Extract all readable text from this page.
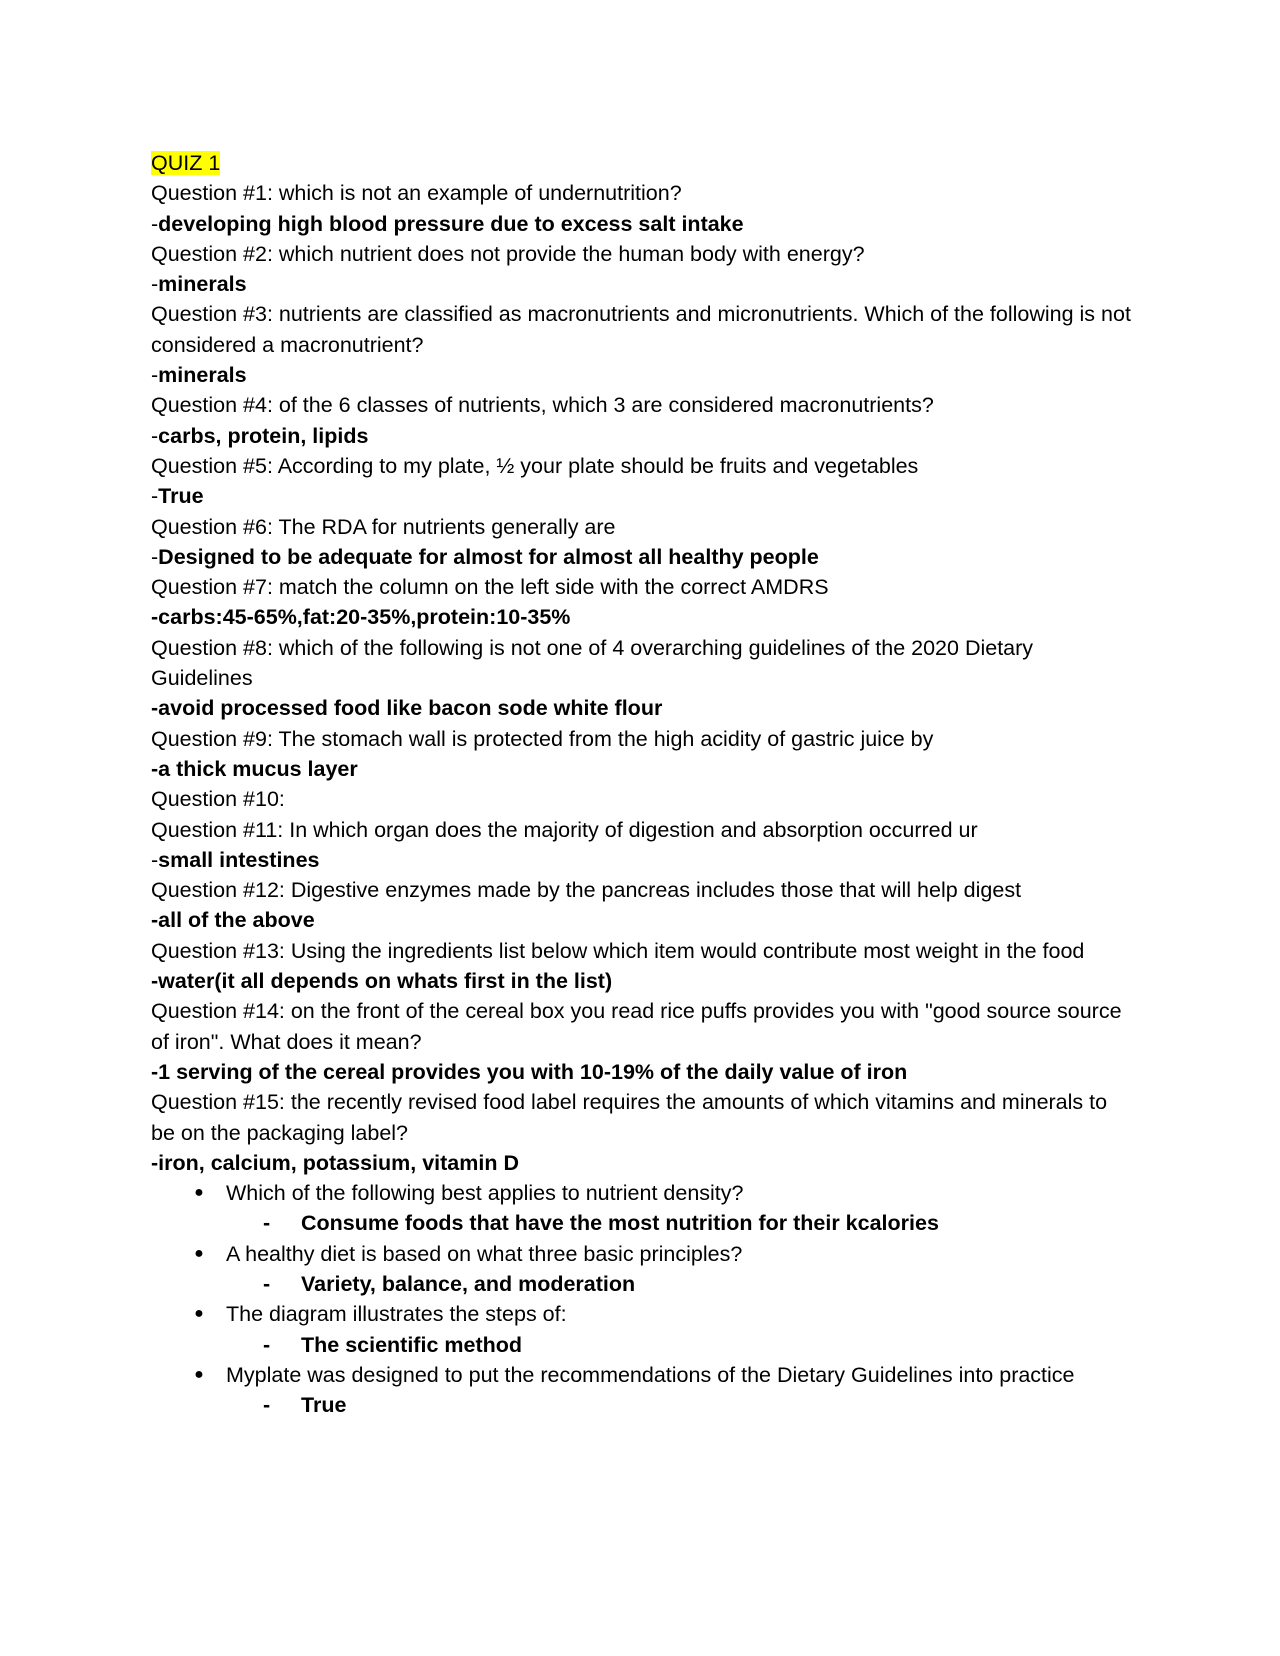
QUIZ 1

Question #1: which is not an example of undernutrition?

-developing high blood pressure due to excess salt intake

Question #2: which nutrient does not provide the human body with energy?

-minerals

Question #3: nutrients are classified as macronutrients and micronutrients. Which of the following is not considered a macronutrient?

-minerals

Question #4: of the 6 classes of nutrients, which 3 are considered macronutrients?

-carbs, protein, lipids

Question #5: According to my plate, ½ your plate should be fruits and vegetables

-True

Question #6: The RDA for nutrients generally are

-Designed to be adequate for almost for almost all healthy people

Question #7: match the column on the left side with the correct AMDRS

-carbs:45-65%,fat:20-35%,protein:10-35%

Question #8: which of the following is not one of 4 overarching guidelines of the 2020 Dietary Guidelines

-avoid processed food like bacon sode white flour

Question #9: The stomach wall is protected from the high acidity of gastric juice by

-a thick mucus layer

Question #10:

Question #11: In which organ does the majority of digestion and absorption occurred ur

-small intestines

Question #12: Digestive enzymes made by the pancreas includes those that will help digest

-all of the above

Question #13: Using the ingredients list below which item would contribute most weight in the food

-water(it all depends on whats first in the list)

Question #14: on the front of the cereal box you read rice puffs provides you with "good source source of iron". What does it mean?

-1 serving of the cereal provides you with 10-19% of the daily value of iron

Question #15: the recently revised food label requires the amounts of which vitamins and minerals to be on the packaging label?

-iron, calcium, potassium, vitamin D

● Which of the following best applies to nutrient density?
- Consume foods that have the most nutrition for their kcalories
● A healthy diet is based on what three basic principles?
- Variety, balance, and moderation
● The diagram illustrates the steps of:
- The scientific method
● Myplate was designed to put the recommendations of the Dietary Guidelines into practice
- True
